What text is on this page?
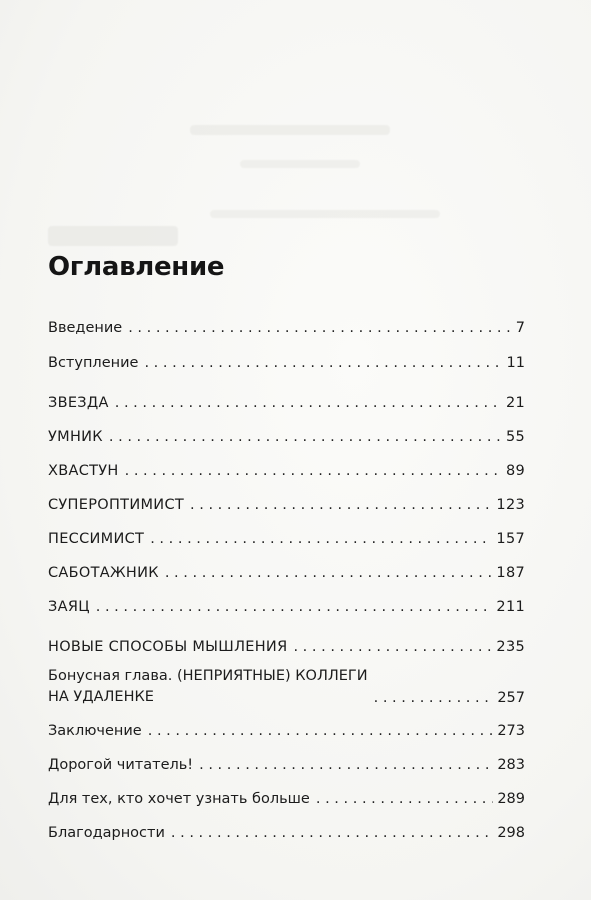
Оглавление
Введение . . .	7
Вступление . . .	11
ЗВЕЗДА . . .	21
УМНИК . . .	55
ХВАСТУН . . .	89
СУПЕРОПТИМИСТ . . .	123
ПЕССИМИСТ . . .	157
САБОТАЖНИК . . .	187
ЗАЯЦ . . .	211
НОВЫЕ СПОСОБЫ МЫШЛЕНИЯ . . .	235
Бонусная глава. (НЕПРИЯТНЫЕ) КОЛЛЕГИ
НА УДАЛЕНКЕ . . .	257
Заключение . . .	273
Дорогой читатель! . . .	283
Для тех, кто хочет узнать больше . . .	289
Благодарности . . .	298
